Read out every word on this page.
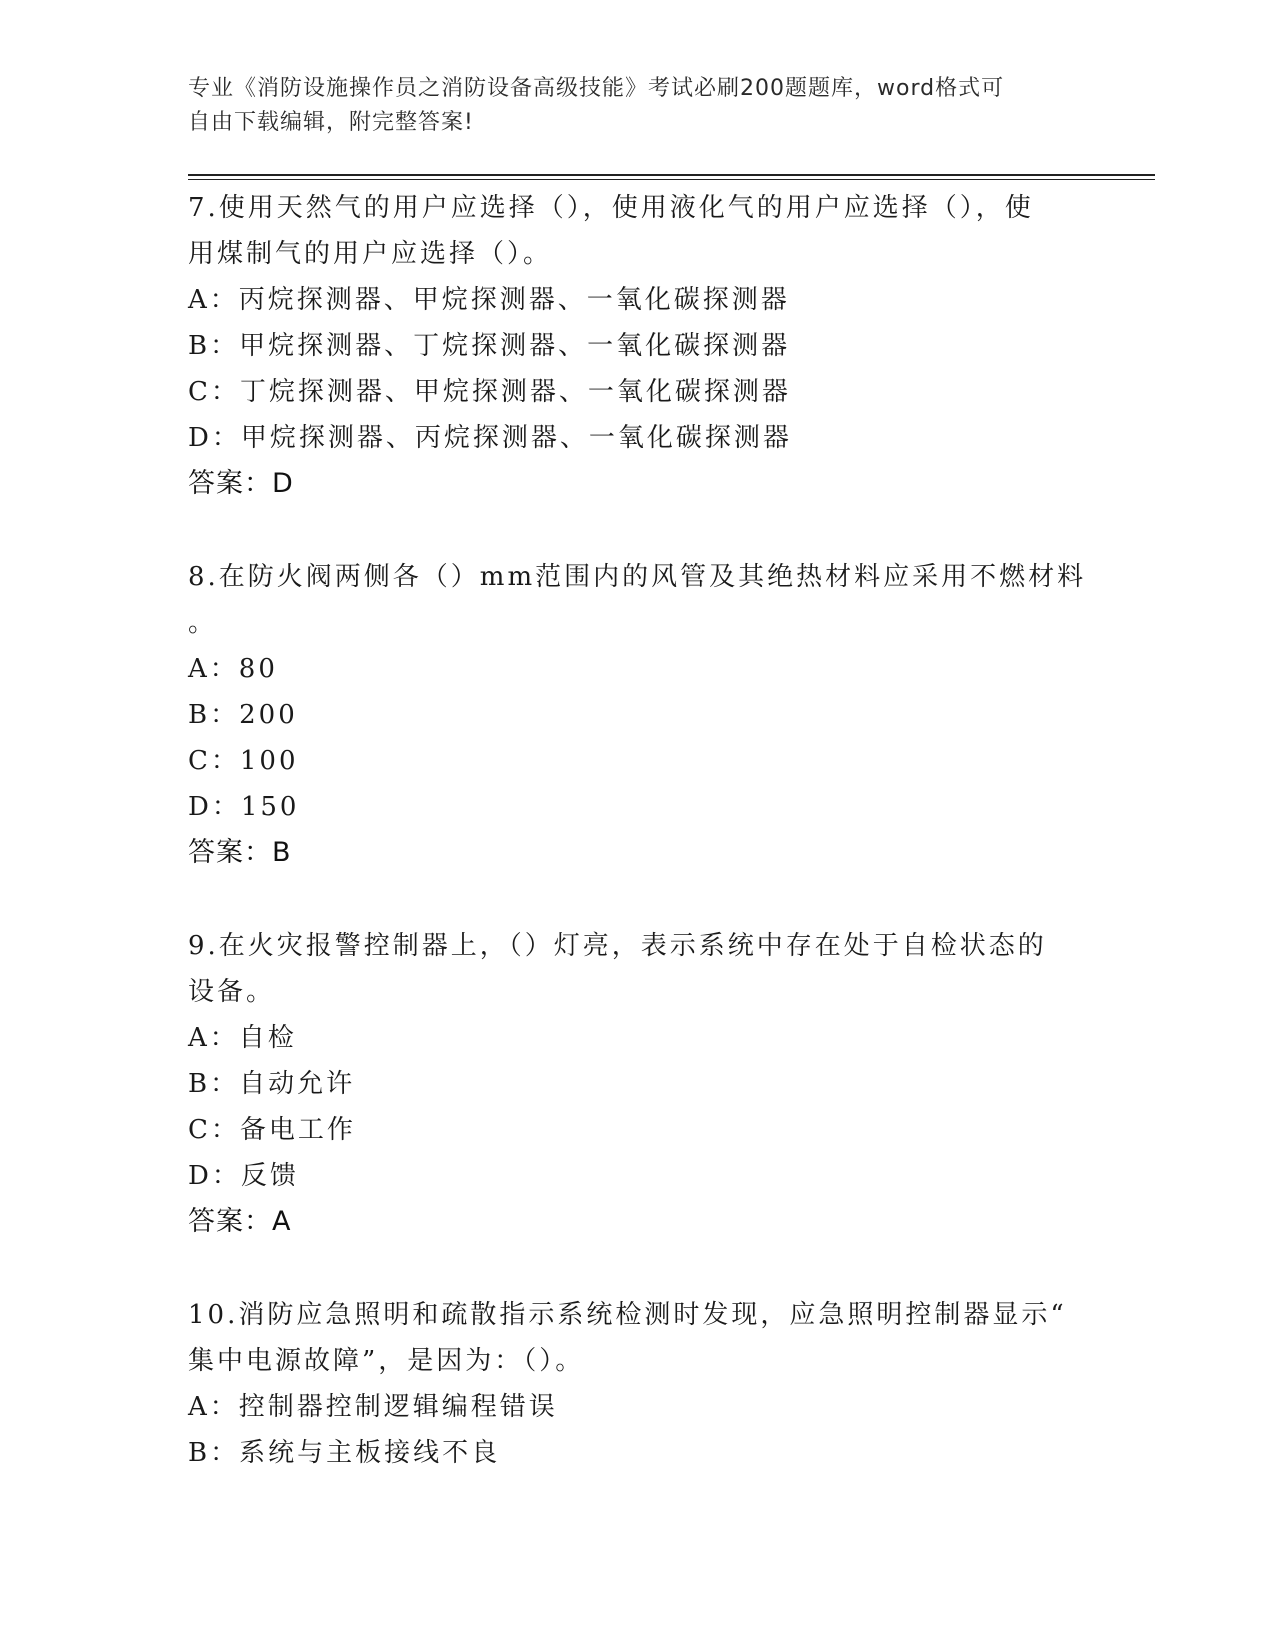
专业《消防设施操作员之消防设备高级技能》考试必刷200题题库，word格式可
自由下载编辑，附完整答案!
7.使用天然气的用户应选择（），使用液化气的用户应选择（），使
用煤制气的用户应选择（）。
A：丙烷探测器、甲烷探测器、一氧化碳探测器
B：甲烷探测器、丁烷探测器、一氧化碳探测器
C：丁烷探测器、甲烷探测器、一氧化碳探测器
D：甲烷探测器、丙烷探测器、一氧化碳探测器
答案：D
8.在防火阀两侧各（）mm范围内的风管及其绝热材料应采用不燃材料
。
A：80
B：200
C：100
D：150
答案：B
9.在火灾报警控制器上，（）灯亮，表示系统中存在处于自检状态的
设备。
A：自检
B：自动允许
C：备电工作
D：反馈
答案：A
10.消防应急照明和疏散指示系统检测时发现，应急照明控制器显示“
集中电源故障”，是因为：（）。
A：控制器控制逻辑编程错误
B：系统与主板接线不良
